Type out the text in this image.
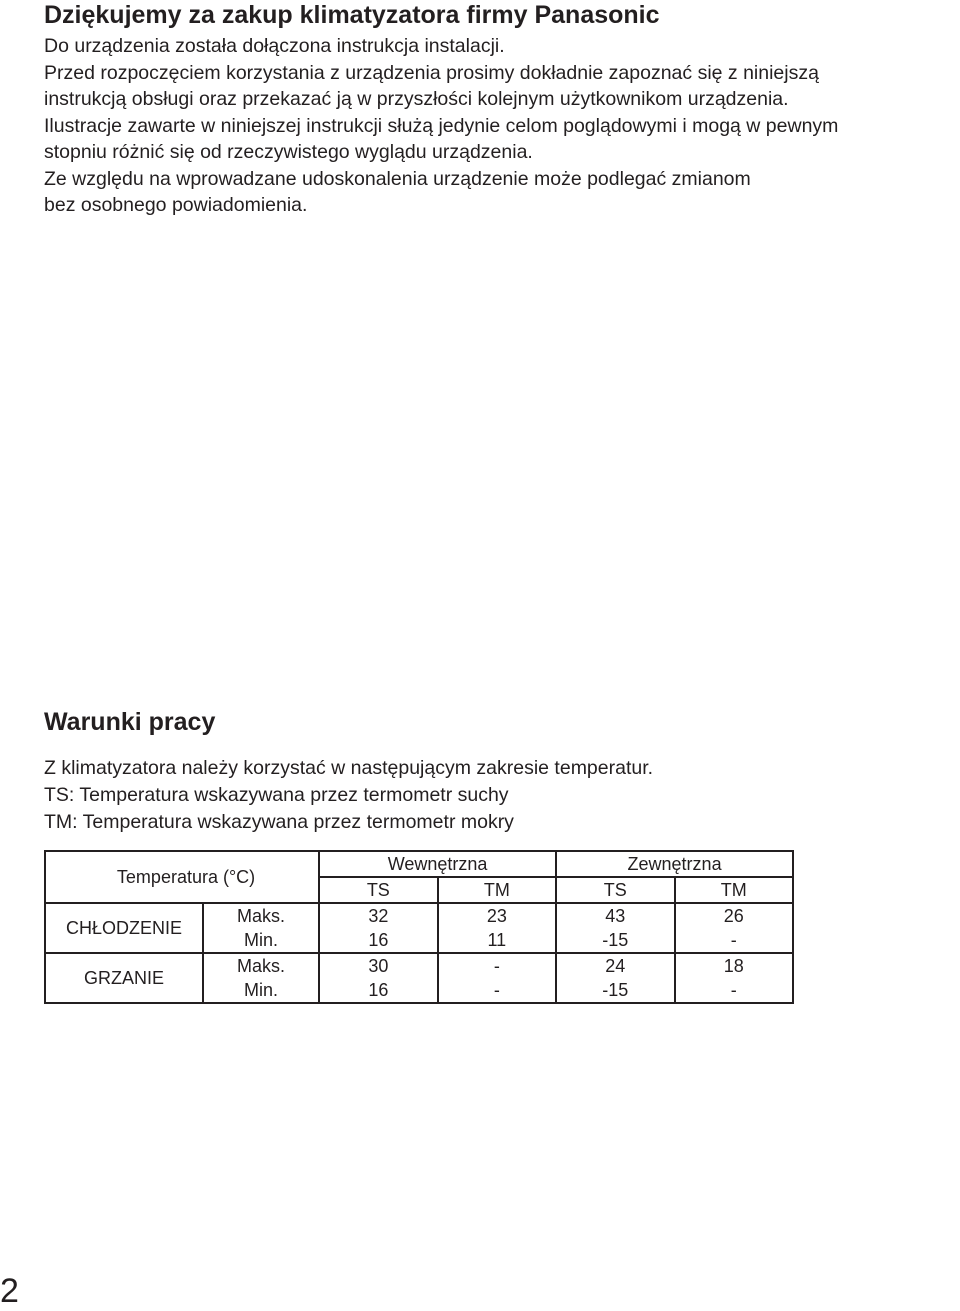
Dziękujemy za zakup klimatyzatora firmy Panasonic
Do urządzenia została dołączona instrukcja instalacji.
Przed rozpoczęciem korzystania z urządzenia prosimy dokładnie zapoznać się z niniejszą
instrukcją obsługi oraz przekazać ją w przyszłości kolejnym użytkownikom urządzenia.
Ilustracje zawarte w niniejszej instrukcji służą jedynie celom poglądowymi i mogą w pewnym
stopniu różnić się od rzeczywistego wyglądu urządzenia.
Ze względu na wprowadzane udoskonalenia urządzenie może podlegać zmianom
bez osobnego powiadomienia.
Warunki pracy
Z klimatyzatora należy korzystać w następującym zakresie temperatur.
TS: Temperatura wskazywana przez termometr suchy
TM: Temperatura wskazywana przez termometr mokry
Temperatura (°C)		Wewnętrzna		Zewnętrzna	
		TS	TM	TS	TM
CHŁODZENIE	Maks.	32	23	43	26
	Min.	16	11	-15	-
GRZANIE	Maks.	30	-	24	18
	Min.	16	-	-15	-
2
